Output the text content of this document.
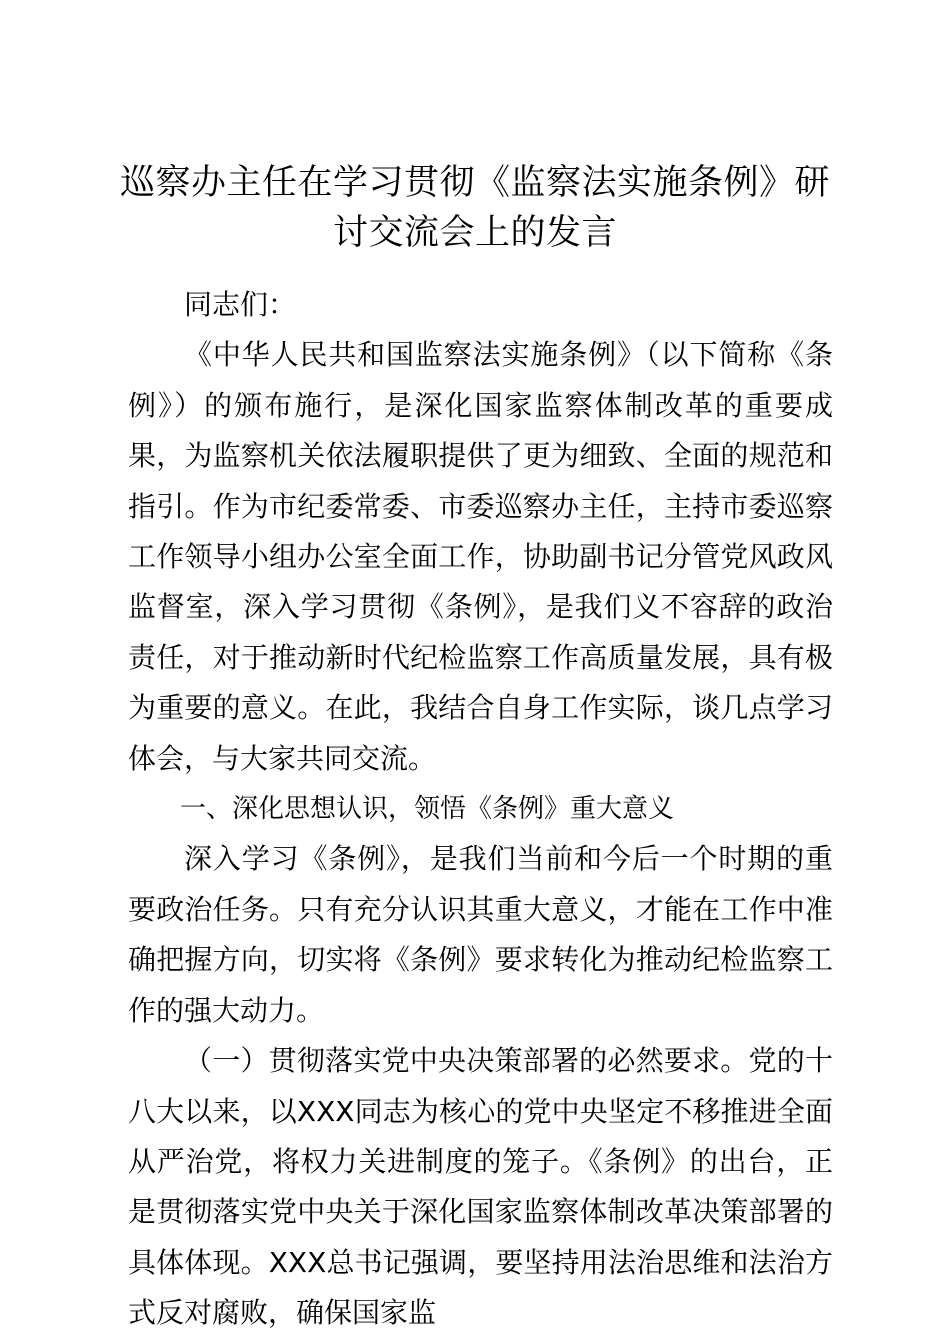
巡察办主任在学习贯彻《监察法实施条例》研讨交流会上的发言

同志们：

《中华人民共和国监察法实施条例》（以下简称《条例》）的颁布施行，是深化国家监察体制改革的重要成果，为监察机关依法履职提供了更为细致、全面的规范和指引。作为市纪委常委、市委巡察办主任，主持市委巡察工作领导小组办公室全面工作，协助副书记分管党风政风监督室，深入学习贯彻《条例》，是我们义不容辞的政治责任，对于推动新时代纪检监察工作高质量发展，具有极为重要的意义。在此，我结合自身工作实际，谈几点学习体会，与大家共同交流。

一、深化思想认识，领悟《条例》重大意义

深入学习《条例》，是我们当前和今后一个时期的重要政治任务。只有充分认识其重大意义，才能在工作中准确把握方向，切实将《条例》要求转化为推动纪检监察工作的强大动力。

（一）贯彻落实党中央决策部署的必然要求。党的十八大以来，以XXX同志为核心的党中央坚定不移推进全面从严治党，将权力关进制度的笼子。《条例》的出台，正是贯彻落实党中央关于深化国家监察体制改革决策部署的具体体现。XXX总书记强调，要坚持用法治思维和法治方式反对腐败，确保国家监
